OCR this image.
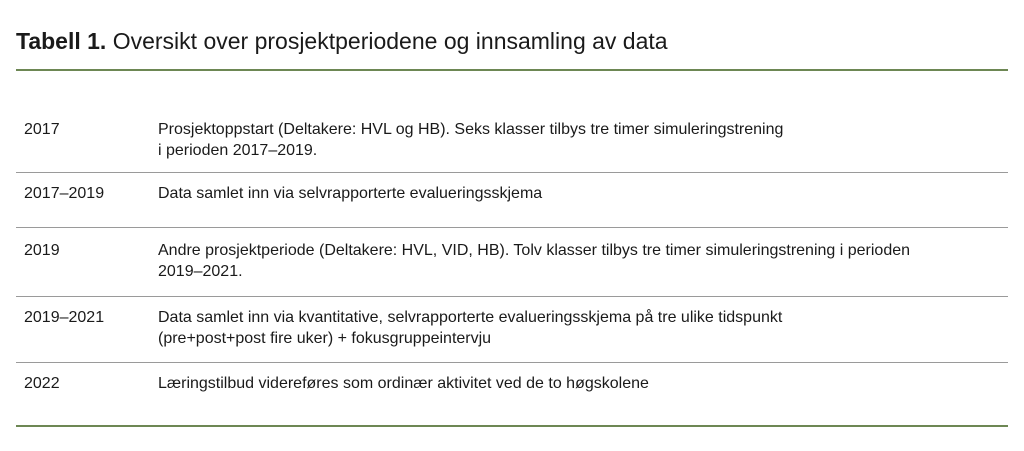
Tabell 1. Oversikt over prosjektperiodene og innsamling av data
2017	Prosjektoppstart (Deltakere: HVL og HB). Seks klasser tilbys tre timer simuleringstrening
i perioden 2017–2019.
2017–2019	Data samlet inn via selvrapporterte evalueringsskjema
2019	Andre prosjektperiode (Deltakere: HVL, VID, HB). Tolv klasser tilbys tre timer simuleringstrening i perioden
2019–2021.
2019–2021	Data samlet inn via kvantitative, selvrapporterte evalueringsskjema på tre ulike tidspunkt
(pre+post+post fire uker) + fokusgruppeintervju
2022	Læringstilbud videreføres som ordinær aktivitet ved de to høgskolene
